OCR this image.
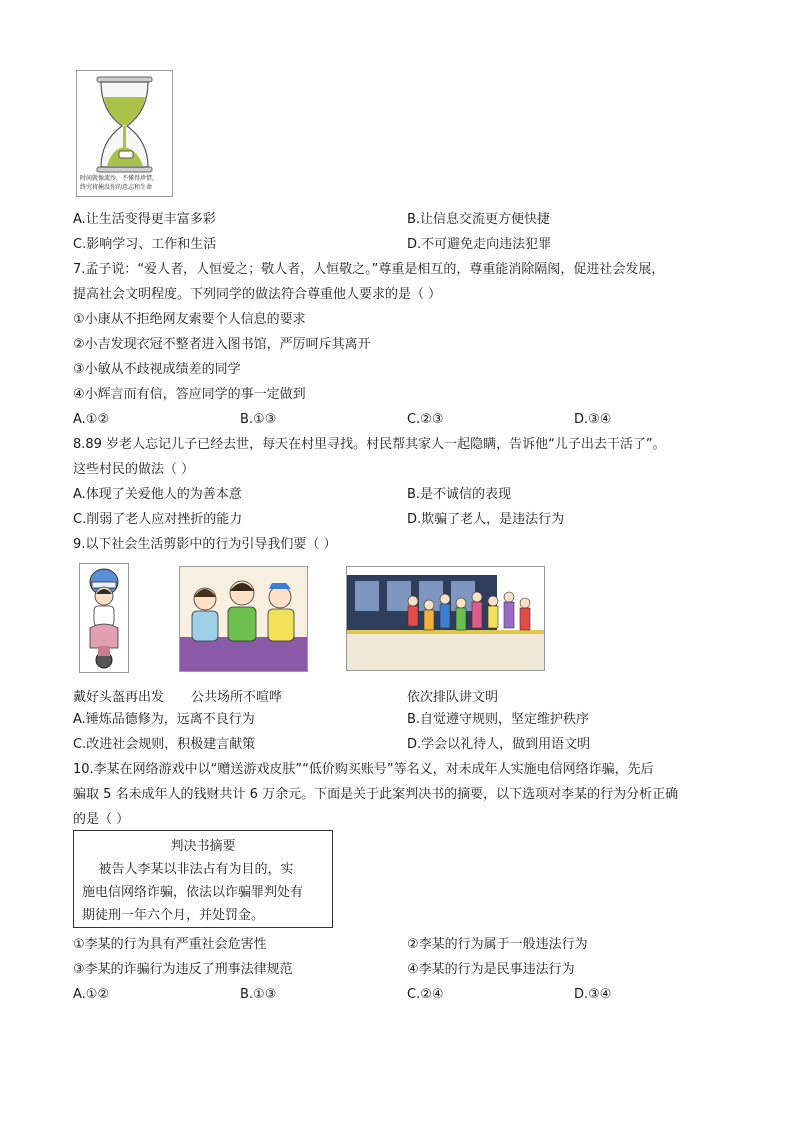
时间就像流沙，不懂得珍惜，
终究将掩没你的意志和生命
A.让生活变得更丰富多彩	B.让信息交流更方便快捷
C.影响学习、工作和生活	D.不可避免走向违法犯罪
7.孟子说：“爱人者，人恒爱之；敬人者，人恒敬之。”尊重是相互的，尊重能消除隔阂，促进社会发展，
提高社会文明程度。下列同学的做法符合尊重他人要求的是（ ）
①小康从不拒绝网友索要个人信息的要求
②小吉发现衣冠不整者进入图书馆，严厉呵斥其离开
③小敏从不歧视成绩差的同学
④小辉言而有信，答应同学的事一定做到
A.①②	B.①③	C.②③	D.③④
8.89 岁老人忘记儿子已经去世，每天在村里寻找。村民帮其家人一起隐瞒，告诉他“儿子出去干活了”。
这些村民的做法（ ）
A.体现了关爱他人的为善本意	B.是不诚信的表现
C.削弱了老人应对挫折的能力	D.欺骗了老人，是违法行为
9.以下社会生活剪影中的行为引导我们要（ ）
戴好头盔再出发 公共场所不喧哗	依次排队讲文明
A.锤炼品德修为，远离不良行为	B.自觉遵守规则，坚定维护秩序
C.改进社会规则，积极建言献策	D.学会以礼待人，做到用语文明
10.李某在网络游戏中以“赠送游戏皮肤”“低价购买账号”等名义，对未成年人实施电信网络诈骗，先后
骗取 5 名未成年人的钱财共计 6 万余元。下面是关于此案判决书的摘要，以下选项对李某的行为分析正确
的是（ ）
判决书摘要
被告人李某以非法占有为目的，实
施电信网络诈骗，依法以诈骗罪判处有
期徒刑一年六个月，并处罚金。
①李某的行为具有严重社会危害性	②李某的行为属于一般违法行为
③李某的诈骗行为违反了刑事法律规范	④李某的行为是民事违法行为
A.①②	B.①③	C.②④	D.③④
